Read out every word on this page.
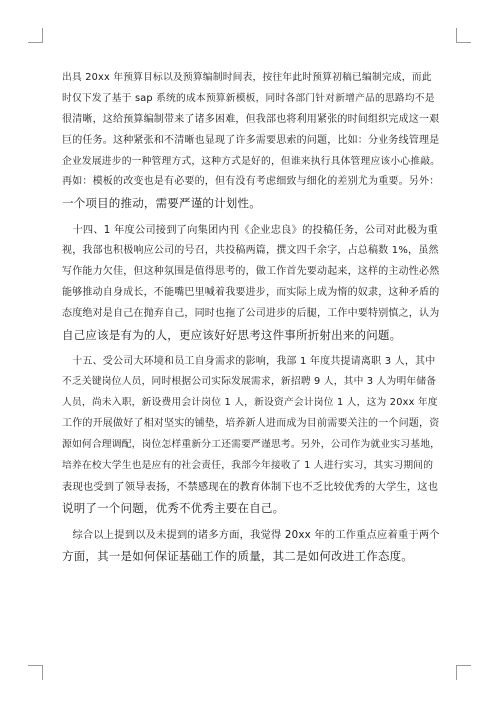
出具 20xx 年预算目标以及预算编制时间表，按往年此时预算初稿已编制完成，而此
时仅下发了基于 sap 系统的成本预算新模板，同时各部门针对新增产品的思路均不是
很清晰，这给预算编制带来了诸多困难，但我部也将利用紧张的时间组织完成这一艰
巨的任务。这种紧张和不清晰也显现了许多需要思索的问题，比如：分业务线管理是
企业发展进步的一种管理方式，这种方式是好的，但谁来执行具体管理应该小心推敲。
再如：模板的改变也是有必要的，但有没有考虑细致与细化的差别尤为重要。另外：
一个项目的推动，需要严谨的计划性。
　十四、1 年度公司接到了向集团内刊《企业忠良》的投稿任务，公司对此极为重
视，我部也积极响应公司的号召，共投稿两篇，撰文四千余字，占总稿数 1%，虽然
写作能力欠佳，但这种氛围是值得思考的，做工作首先要动起来，这样的主动性必然
能够推动自身成长，不能嘴巴里喊着我要进步，而实际上成为惰的奴隶，这种矛盾的
态度绝对是自己在抛弃自己，同时也拖了公司进步的后腿，工作中要特别慎之，认为
自己应该是有为的人，更应该好好思考这件事所折射出来的问题。
　十五、受公司大环境和员工自身需求的影响，我部 1 年度共提请离职 3 人，其中
不乏关键岗位人员，同时根据公司实际发展需求，新招聘 9 人，其中 3 人为明年储备
人员，尚未入职，新设费用会计岗位 1 人，新设资产会计岗位 1 人，这为 20xx 年度
工作的开展做好了相对坚实的铺垫，培养新人进而成为目前需要关注的一个问题，资
源如何合理调配，岗位怎样重新分工还需要严谨思考。另外，公司作为就业实习基地，
培养在校大学生也是应有的社会责任，我部今年接收了 1 人进行实习，其实习期间的
表现也受到了领导表扬，不禁感现在的教育体制下也不乏比较优秀的大学生，这也
说明了一个问题，优秀不优秀主要在自己。
　综合以上提到以及未提到的诸多方面，我觉得 20xx 年的工作重点应着重于两个
方面，其一是如何保证基础工作的质量，其二是如何改进工作态度。
